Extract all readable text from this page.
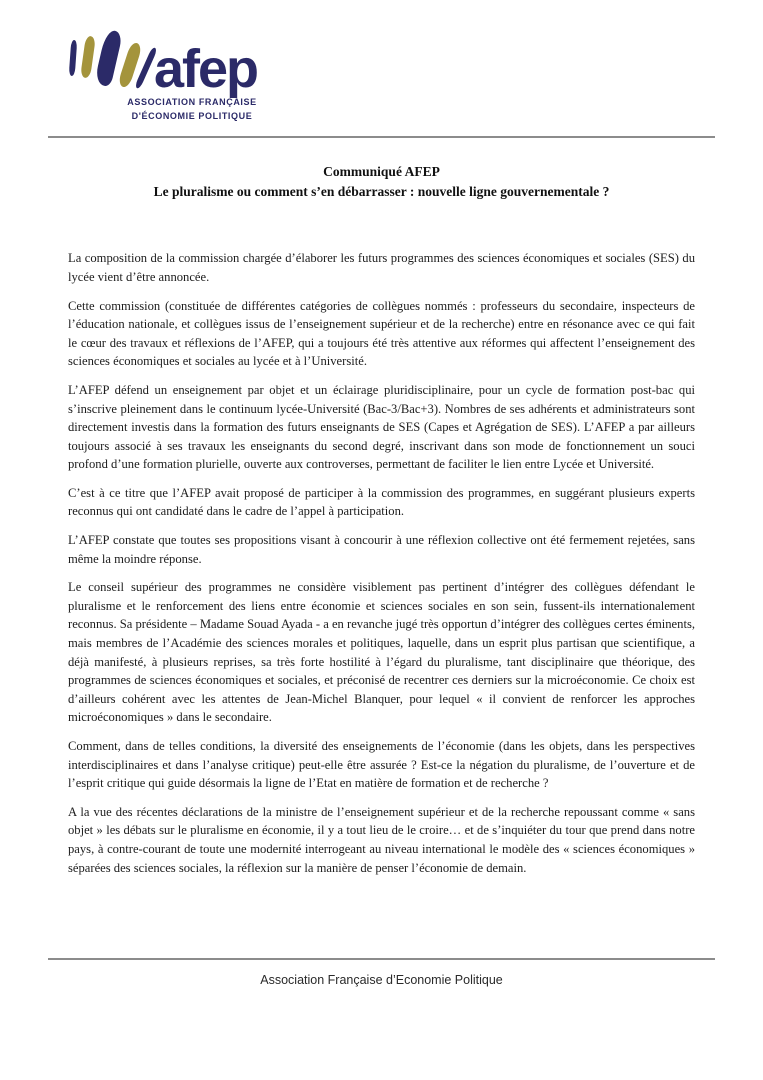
afep
ASSOCIATION FRANÇAISE
D'ÉCONOMIE POLITIQUE
Communiqué AFEP
Le pluralisme ou comment s’en débarrasser : nouvelle ligne gouvernementale ?

La composition de la commission chargée d’élaborer les futurs programmes des sciences économiques et sociales (SES) du lycée vient d’être annoncée.

Cette commission (constituée de différentes catégories de collègues nommés : professeurs du secondaire, inspecteurs de l’éducation nationale, et collègues issus de l’enseignement supérieur et de la recherche) entre en résonance avec ce qui fait le cœur des travaux et réflexions de l’AFEP, qui a toujours été très attentive aux réformes qui affectent l’enseignement des sciences économiques et sociales au lycée et à l’Université.

L’AFEP défend un enseignement par objet et un éclairage pluridisciplinaire, pour un cycle de formation post-bac qui s’inscrive pleinement dans le continuum lycée-Université (Bac-3/Bac+3). Nombres de ses adhérents et administrateurs sont directement investis dans la formation des futurs enseignants de SES (Capes et Agrégation de SES). L’AFEP a par ailleurs toujours associé à ses travaux les enseignants du second degré, inscrivant dans son mode de fonctionnement un souci profond d’une formation plurielle, ouverte aux controverses, permettant de faciliter le lien entre Lycée et Université.

C’est à ce titre que l’AFEP avait proposé de participer à la commission des programmes, en suggérant plusieurs experts reconnus qui ont candidaté dans le cadre de l’appel à participation.

L’AFEP constate que toutes ses propositions visant à concourir à une réflexion collective ont été fermement rejetées, sans même la moindre réponse.

Le conseil supérieur des programmes ne considère visiblement pas pertinent d’intégrer des collègues défendant le pluralisme et le renforcement des liens entre économie et sciences sociales en son sein, fussent-ils internationalement reconnus. Sa présidente – Madame Souad Ayada - a en revanche jugé très opportun d’intégrer des collègues certes éminents, mais membres de l’Académie des sciences morales et politiques, laquelle, dans un esprit plus partisan que scientifique, a déjà manifesté, à plusieurs reprises, sa très forte hostilité à l’égard du pluralisme, tant disciplinaire que théorique, des programmes de sciences économiques et sociales, et préconisé de recentrer ces derniers sur la microéconomie. Ce choix est d’ailleurs cohérent avec les attentes de Jean-Michel Blanquer, pour lequel « il convient de renforcer les approches microéconomiques » dans le secondaire.

Comment, dans de telles conditions, la diversité des enseignements de l’économie (dans les objets, dans les perspectives interdisciplinaires et dans l’analyse critique) peut-elle être assurée ? Est-ce la négation du pluralisme, de l’ouverture et de l’esprit critique qui guide désormais la ligne de l’Etat en matière de formation et de recherche ?

A la vue des récentes déclarations de la ministre de l’enseignement supérieur et de la recherche repoussant comme « sans objet » les débats sur le pluralisme en économie, il y a tout lieu de le croire… et de s’inquiéter du tour que prend dans notre pays, à contre-courant de toute une modernité interrogeant au niveau international le modèle des « sciences économiques » séparées des sciences sociales, la réflexion sur la manière de penser l’économie de demain.

Association Française d’Economie Politique
